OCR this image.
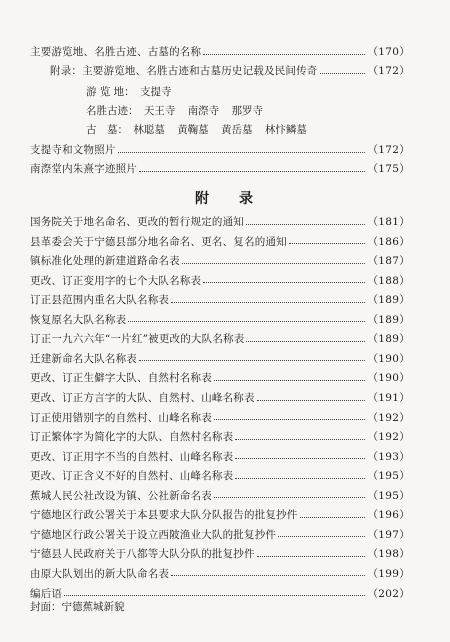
主要游览地、名胜古迹、古墓的名称	（170）
附录：主要游览地、名胜古迹和古墓历史记载及民间传奇	（172）
游 览 地： 支提寺
名胜古迹： 天王寺 南漈寺 那罗寺
古　墓： 林聪墓 黄鞠墓 黄岳墓 林忭鳞墓
支提寺和文物照片	（172）
南漈堂内朱熹字迹照片	（175）
附录
国务院关于地名命名、更改的暂行规定的通知	（181）
县革委会关于宁德县部分地名命名、更名、复名的通知	（186）
镇标准化处理的新建道路命名表	（187）
更改、订正变用字的七个大队名称表	（188）
订正县范围内重名大队名称表	（189）
恢复原名大队名称表	（189）
订正一九六六年“一片红”被更改的大队名称表	（189）
迁建新命名大队名称表	（190）
更改、订正生僻字大队、自然村名称表	（190）
更改、订正方言字的大队、自然村、山峰名称表	（191）
订正使用错别字的自然村、山峰名称表	（192）
订正繁体字为简化字的大队、自然村名称表	（192）
更改、订正用字不当的自然村、山峰名称表	（193）
更改、订正含义不好的自然村、山峰名称表	（195）
蕉城人民公社改设为镇、公社新命名表	（195）
宁德地区行政公署关于本县要求大队分队报告的批复抄件	（196）
宁德地区行政公署关于设立西陂渔业大队的批复抄件	（197）
宁德县人民政府关于八都等大队分队的批复抄件	（198）
由原大队划出的新大队命名表	（199）
编后语	（202）
封面：宁德蕉城新貌
